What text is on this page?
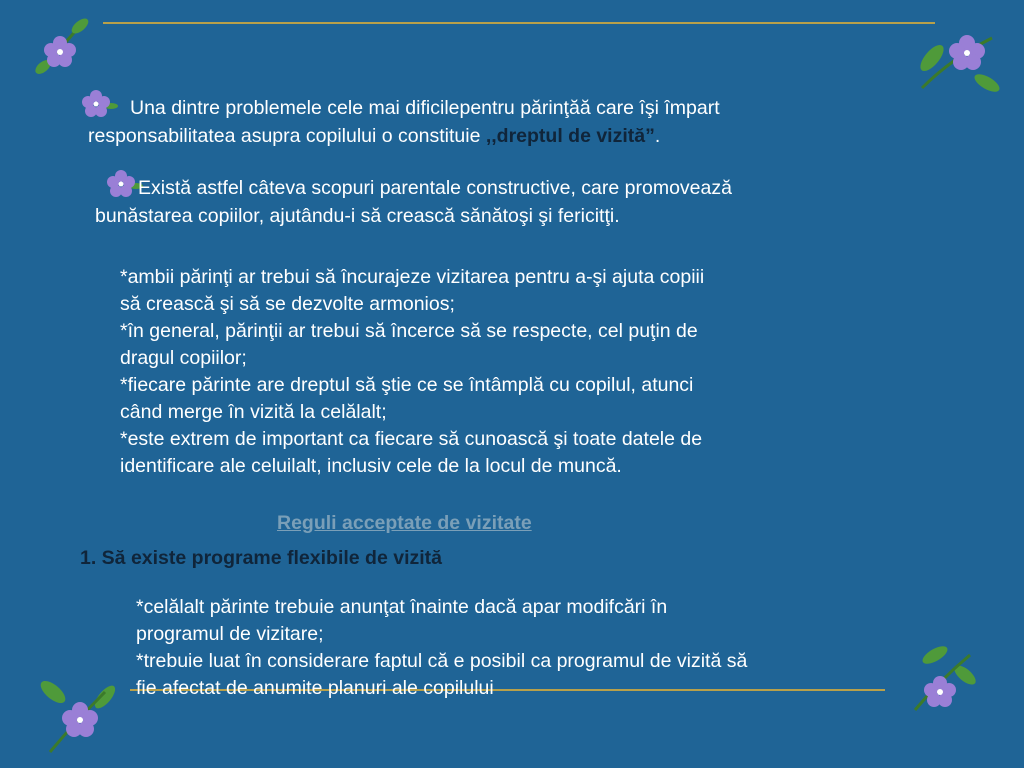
Una dintre problemele cele mai dificilepentru părinţăă care îşi împart
responsabilitatea asupra copilului o constituie ,,dreptul de vizită”.
Există astfel câteva scopuri parentale constructive, care promovează
bunăstarea copiilor, ajutându-i să crească sănătoşi şi fericitţi.
*ambii părinţi ar trebui să încurajeze vizitarea pentru a-şi ajuta copiii
să crească şi să se dezvolte armonios;
*în general, părinţii ar trebui să încerce să se respecte, cel puţin de
dragul copiilor;
*fiecare părinte are dreptul să ştie ce se întâmplă cu copilul, atunci
când merge în vizită la celălalt;
*este extrem de important ca fiecare să cunoască şi toate datele de
identificare ale celuilalt, inclusiv cele de la locul de muncă.
Reguli acceptate de vizitate
1. Să existe programe flexibile de vizită
*celălalt părinte trebuie anunţat înainte dacă apar modifcări în
programul de vizitare;
*trebuie luat în considerare faptul că e posibil ca programul de vizită să
fie afectat de anumite planuri ale copilului
